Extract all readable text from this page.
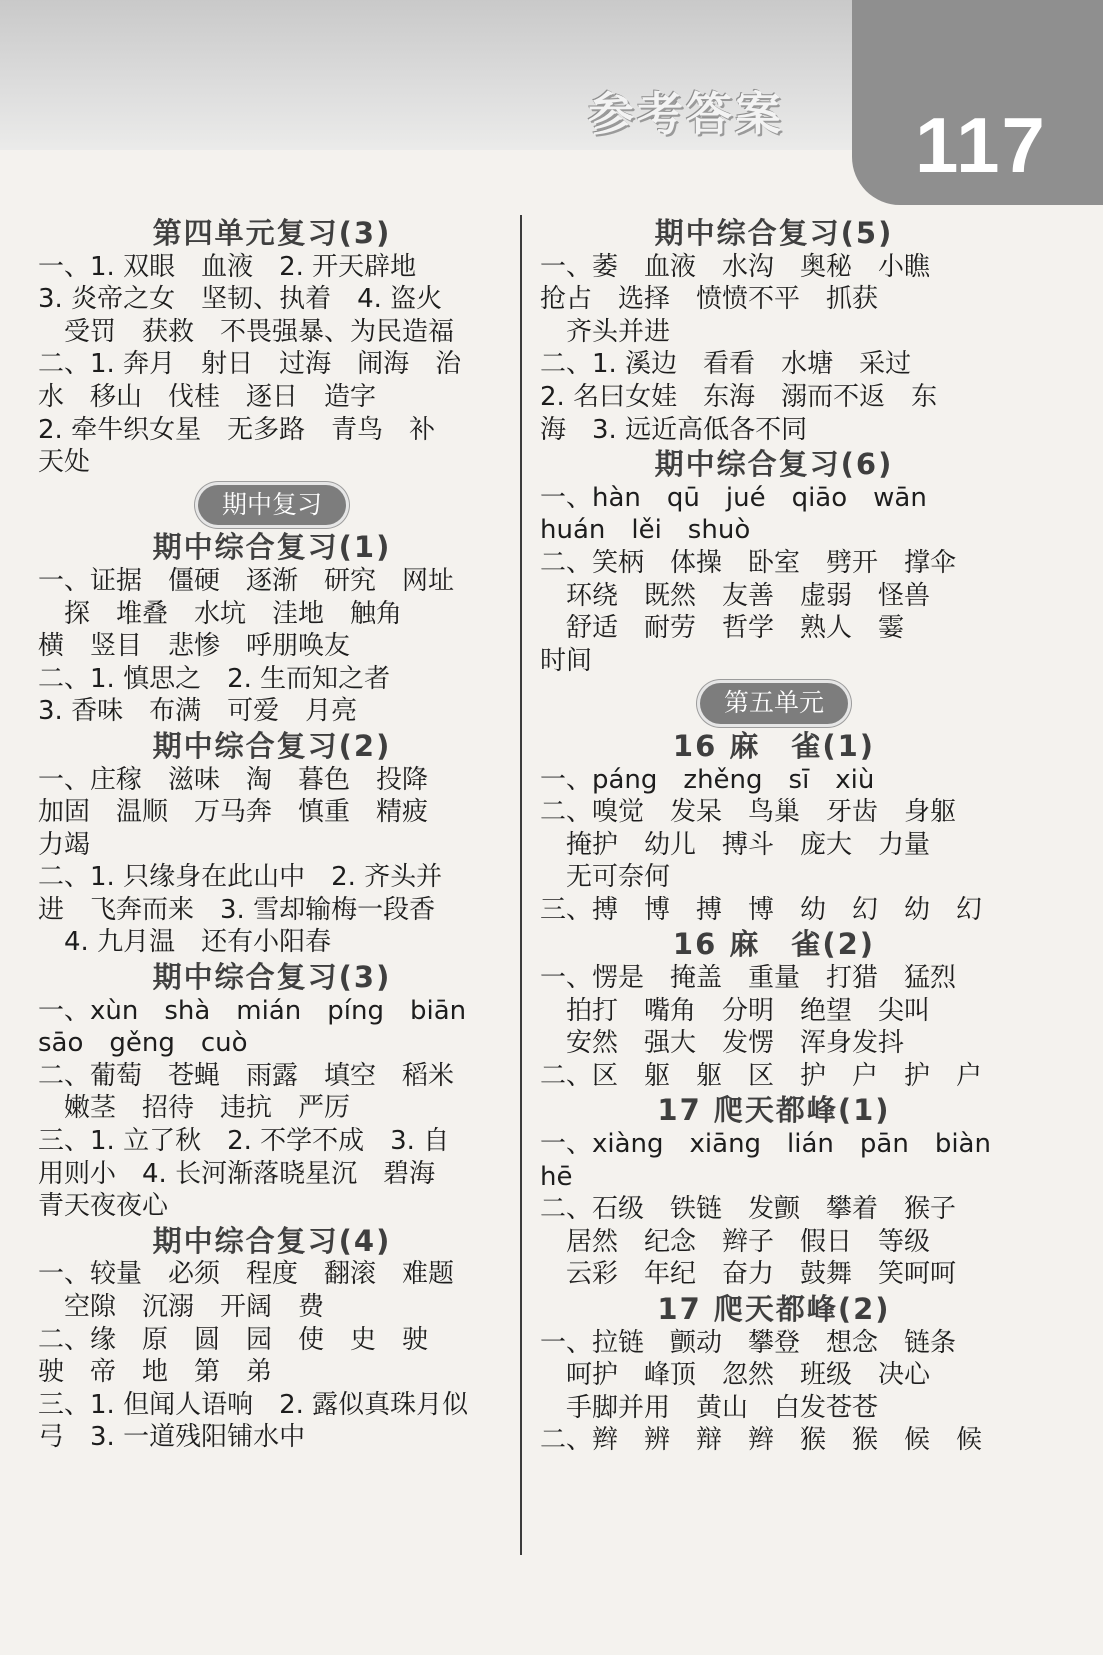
参考答案 117
第四单元复习(3)
一、1. 双眼　血液　2. 开天辟地
3. 炎帝之女　坚韧、执着　4. 盗火
　受罚　获救　不畏强暴、为民造福
二、1. 奔月　射日　过海　闹海　治
水　移山　伐桂　逐日　造字
2. 牵牛织女星　无多路　青鸟　补
天处
期中复习
期中综合复习(1)
一、证据　僵硬　逐渐　研究　网址
　探　堆叠　水坑　洼地　触角
横　竖目　悲惨　呼朋唤友
二、1. 慎思之　2. 生而知之者
3. 香味　布满　可爱　月亮
期中综合复习(2)
一、庄稼　滋味　淘　暮色　投降
加固　温顺　万马奔　慎重　精疲
力竭
二、1. 只缘身在此山中　2. 齐头并
进　飞奔而来　3. 雪却输梅一段香
　4. 九月温　还有小阳春
期中综合复习(3)
一、xùn　shà　mián　píng　biān
sāo　gěng　cuò
二、葡萄　苍蝇　雨露　填空　稻米
　嫩茎　招待　违抗　严厉
三、1. 立了秋　2. 不学不成　3. 自
用则小　4. 长河渐落晓星沉　碧海
青天夜夜心
期中综合复习(4)
一、较量　必须　程度　翻滚　难题
　空隙　沉溺　开阔　费
二、缘　原　圆　园　使　史　驶
驶　帝　地　第　弟
三、1. 但闻人语响　2. 露似真珠月似
弓　3. 一道残阳铺水中
期中综合复习(5)
一、萎　血液　水沟　奥秘　小瞧
抢占　选择　愤愤不平　抓获
　齐头并进
二、1. 溪边　看看　水塘　采过
2. 名曰女娃　东海　溺而不返　东
海　3. 远近高低各不同
期中综合复习(6)
一、hàn　qū　jué　qiāo　wān
huán　lěi　shuò
二、笑柄　体操　卧室　劈开　撑伞
　环绕　既然　友善　虚弱　怪兽
　舒适　耐劳　哲学　熟人　霎
时间
第五单元
16 麻　雀(1)
一、páng　zhěng　sī　xiù
二、嗅觉　发呆　鸟巢　牙齿　身躯
　掩护　幼儿　搏斗　庞大　力量
　无可奈何
三、搏　博　搏　博　幼　幻　幼　幻
16 麻　雀(2)
一、愣是　掩盖　重量　打猎　猛烈
　拍打　嘴角　分明　绝望　尖叫
　安然　强大　发愣　浑身发抖
二、区　躯　躯　区　护　户　护　户
17 爬天都峰(1)
一、xiàng　xiāng　lián　pān　biàn
hē
二、石级　铁链　发颤　攀着　猴子
　居然　纪念　辫子　假日　等级
　云彩　年纪　奋力　鼓舞　笑呵呵
17 爬天都峰(2)
一、拉链　颤动　攀登　想念　链条
　呵护　峰顶　忽然　班级　决心
　手脚并用　黄山　白发苍苍
二、辫　辨　辩　辫　猴　猴　候　候
